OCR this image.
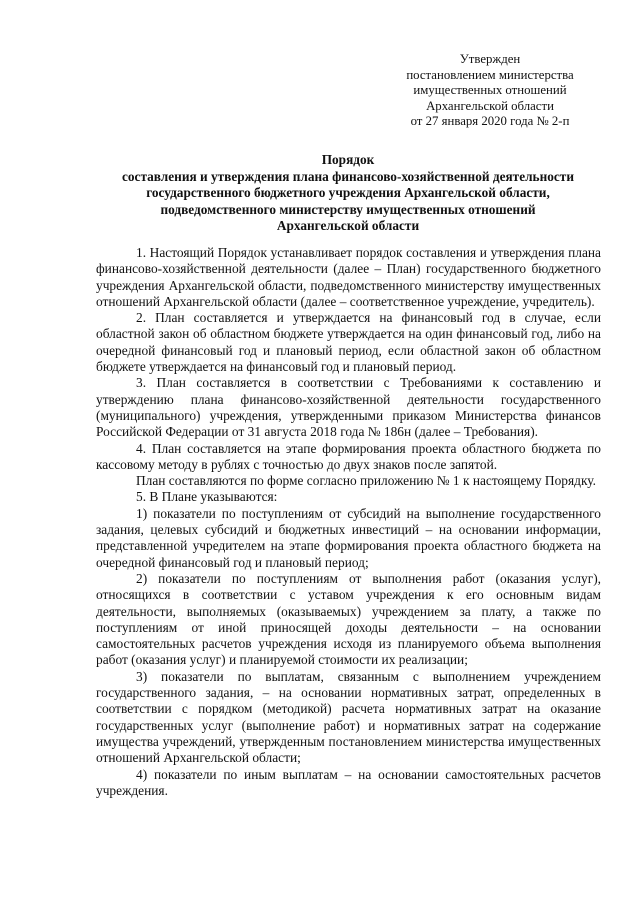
Утвержден
постановлением министерства
имущественных отношений
Архангельской области
от 27 января 2020 года № 2-п
Порядок
составления и утверждения плана финансово-хозяйственной деятельности
государственного бюджетного учреждения Архангельской области,
подведомственного министерству имущественных отношений
Архангельской области

1. Настоящий Порядок устанавливает порядок составления и утверждения плана финансово-хозяйственной деятельности (далее – План) государственного бюджетного учреждения Архангельской области, подведомственного министерству имущественных отношений Архангельской области (далее – соответственное учреждение, учредитель).

2. План составляется и утверждается на финансовый год в случае, если областной закон об областном бюджете утверждается на один финансовый год, либо на очередной финансовый год и плановый период, если областной закон об областном бюджете утверждается на финансовый год и плановый период.

3. План составляется в соответствии с Требованиями к составлению и утверждению плана финансово-хозяйственной деятельности государственного (муниципального) учреждения, утвержденными приказом Министерства финансов Российской Федерации от 31 августа 2018 года № 186н (далее – Требования).

4. План составляется на этапе формирования проекта областного бюджета по кассовому методу в рублях с точностью до двух знаков после запятой.

План составляются по форме согласно приложению № 1 к настоящему Порядку.

5. В Плане указываются:

1) показатели по поступлениям от субсидий на выполнение государственного задания, целевых субсидий и бюджетных инвестиций – на основании информации, представленной учредителем на этапе формирования проекта областного бюджета на очередной финансовый год и плановый период;

2) показатели по поступлениям от выполнения работ (оказания услуг), относящихся в соответствии с уставом учреждения к его основным видам деятельности, выполняемых (оказываемых) учреждением за плату, а также по поступлениям от иной приносящей доходы деятельности – на основании самостоятельных расчетов учреждения исходя из планируемого объема выполнения работ (оказания услуг) и планируемой стоимости их реализации;

3) показатели по выплатам, связанным с выполнением учреждением государственного задания, – на основании нормативных затрат, определенных в соответствии с порядком (методикой) расчета нормативных затрат на оказание государственных услуг (выполнение работ) и нормативных затрат на содержание имущества учреждений, утвержденным постановлением министерства имущественных отношений Архангельской области;

4) показатели по иным выплатам – на основании самостоятельных расчетов учреждения.
